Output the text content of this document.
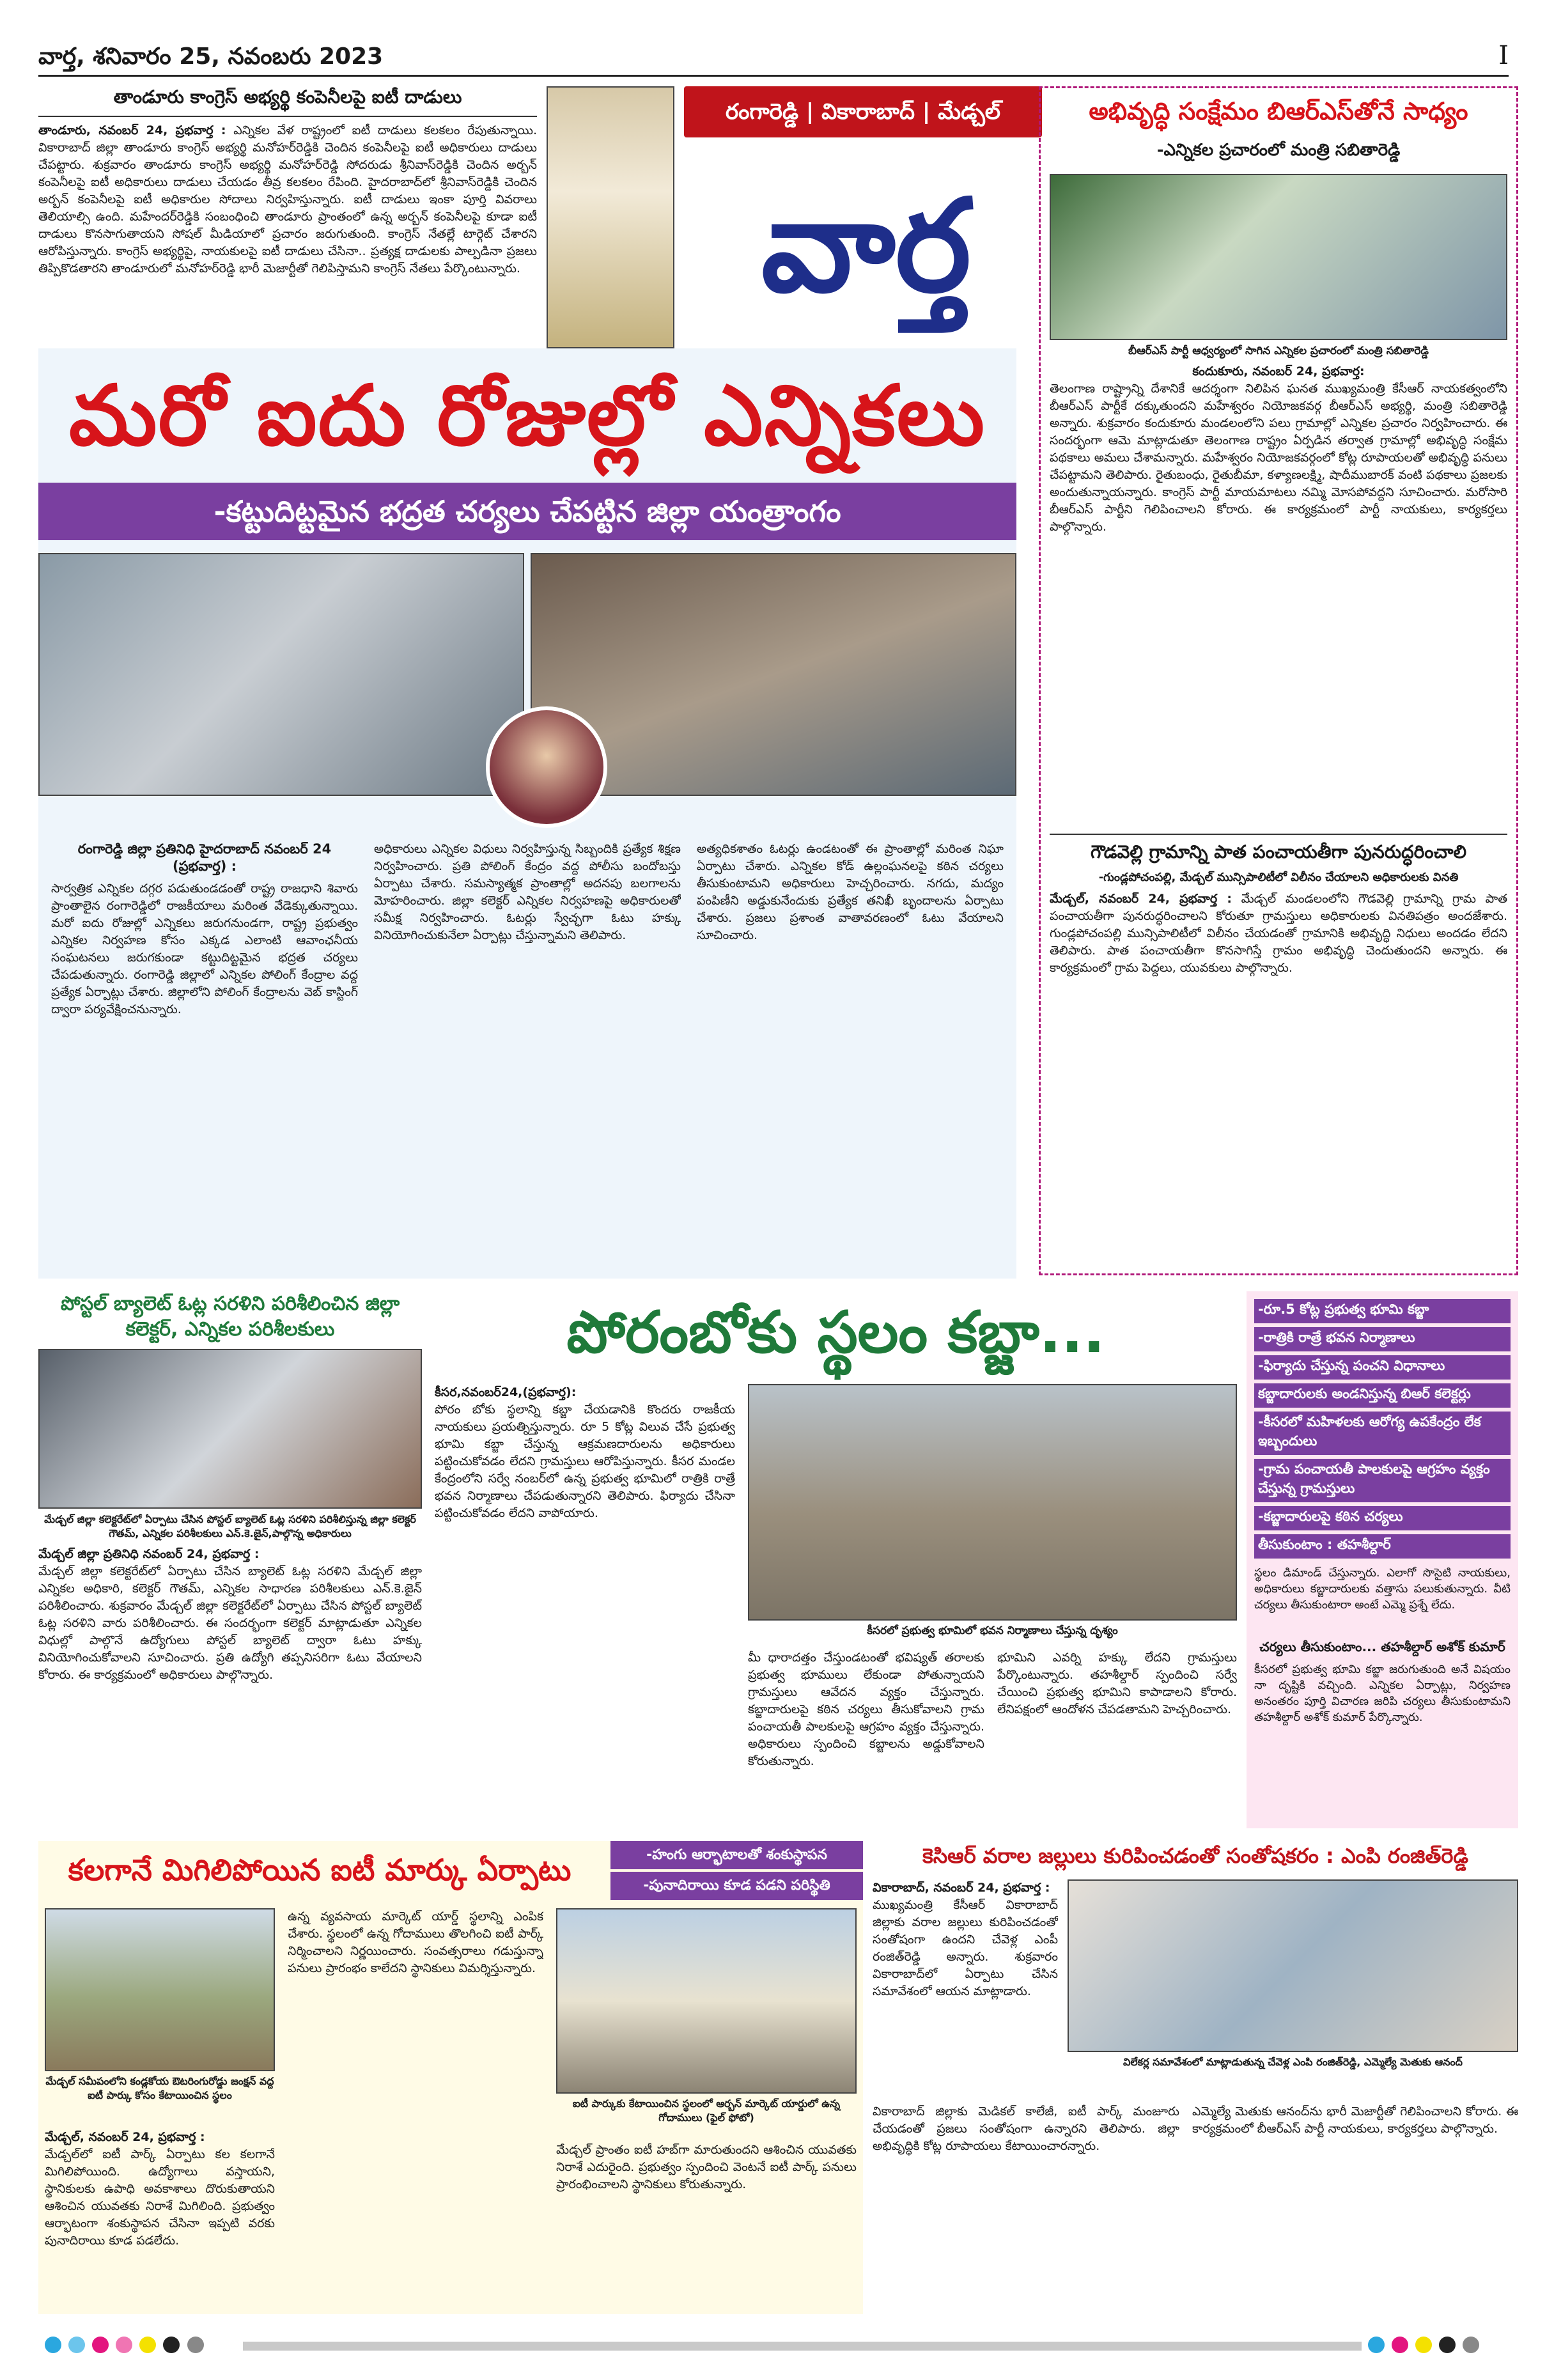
వార్త, శనివారం 25, నవంబరు 2023	I
తాండూరు కాంగ్రెస్ అభ్యర్థి కంపెనీలపై ఐటీ దాడులు
తాండూరు, నవంబర్ 24, ప్రభవార్త : ఎన్నికల వేళ రాష్ట్రంలో ఐటీ దాడులు కలకలం రేపుతున్నాయి. వికారాబాద్ జిల్లా తాండూరు కాంగ్రెస్ అభ్యర్థి మనోహర్‌రెడ్డికి చెందిన కంపెనీలపై ఐటీ అధికారులు దాడులు చేపట్టారు. శుక్రవారం తాండూరు కాంగ్రెస్ అభ్యర్థి మనోహర్‌రెడ్డి సోదరుడు శ్రీనివాస్‌రెడ్డికి చెందిన అర్బన్ కంపెనీలపై ఐటీ అధికారులు దాడులు చేయడం తీవ్ర కలకలం రేపింది. హైదరాబాద్‌లో శ్రీనివాస్‌రెడ్డికి చెందిన అర్బన్ కంపెనీలపై ఐటీ అధికారుల సోదాలు నిర్వహిస్తున్నారు. ఐటీ దాడులు ఇంకా పూర్తి వివరాలు తెలియాల్సి ఉంది. మహేందర్‌రెడ్డికి సంబంధించి తాండూరు ప్రాంతంలో ఉన్న అర్బన్ కంపెనీలపై కూడా ఐటీ దాడులు కొనసాగుతాయని సోషల్ మీడియాలో ప్రచారం జరుగుతుంది. కాంగ్రెస్ నేతల్లే టార్గెట్ చేశారని ఆరోపిస్తున్నారు. కాంగ్రెస్ అభ్యర్థిపై, నాయకులపై ఐటీ దాడులు చేసినా.. ప్రత్యక్ష దాడులకు పాల్పడినా ప్రజలు తిప్పికొడతారని తాండూరులో మనోహర్‌రెడ్డి భారీ మెజార్టీతో గెలిపిస్తామని కాంగ్రెస్ నేతలు పేర్కొంటున్నారు.
రంగారెడ్డి | వికారాబాద్ | మేడ్చల్
వార్త
మరో ఐదు రోజుల్లో ఎన్నికలు
-కట్టుదిట్టమైన భద్రత చర్యలు చేపట్టిన జిల్లా యంత్రాంగం
రంగారెడ్డి జిల్లా ప్రతినిధి హైదరాబాద్ నవంబర్ 24 (ప్రభవార్త) :
సార్వత్రిక ఎన్నికల దగ్గర పడుతుండడంతో రాష్ట్ర రాజధాని శివారు ప్రాంతాలైన రంగారెడ్డిలో రాజకీయాలు మరింత వేడెక్కుతున్నాయి. మరో ఐదు రోజుల్లో ఎన్నికలు జరుగనుండగా, రాష్ట్ర ప్రభుత్వం ఎన్నికల నిర్వహణ కోసం ఎక్కడ ఎలాంటి ఆవాంఛనీయ సంఘటనలు జరుగకుండా కట్టుదిట్టమైన భద్రత చర్యలు చేపడుతున్నారు. రంగారెడ్డి జిల్లాలో ఎన్నికల పోలింగ్ కేంద్రాల వద్ద ప్రత్యేక ఏర్పాట్లు చేశారు. జిల్లాలోని పోలింగ్ కేంద్రాలను వెబ్ కాస్టింగ్ ద్వారా పర్యవేక్షించనున్నారు.
అధికారులు ఎన్నికల విధులు నిర్వహిస్తున్న సిబ్బందికి ప్రత్యేక శిక్షణ నిర్వహించారు. ప్రతి పోలింగ్ కేంద్రం వద్ద పోలీసు బందోబస్తు ఏర్పాటు చేశారు. సమస్యాత్మక ప్రాంతాల్లో అదనపు బలగాలను మోహరించారు. జిల్లా కలెక్టర్ ఎన్నికల నిర్వహణపై అధికారులతో సమీక్ష నిర్వహించారు. ఓటర్లు స్వేచ్ఛగా ఓటు హక్కు వినియోగించుకునేలా ఏర్పాట్లు చేస్తున్నామని తెలిపారు.
అత్యధికశాతం ఓటర్లు ఉండటంతో ఈ ప్రాంతాల్లో మరింత నిఘా ఏర్పాటు చేశారు. ఎన్నికల కోడ్ ఉల్లంఘనలపై కఠిన చర్యలు తీసుకుంటామని అధికారులు హెచ్చరించారు. నగదు, మద్యం పంపిణీని అడ్డుకునేందుకు ప్రత్యేక తనిఖీ బృందాలను ఏర్పాటు చేశారు. ప్రజలు ప్రశాంత వాతావరణంలో ఓటు వేయాలని సూచించారు.
అభివృద్ధి సంక్షేమం బిఆర్ఎస్‌తోనే సాధ్యం
-ఎన్నికల ప్రచారంలో మంత్రి సబితారెడ్డి
బీఆర్ఎస్ పార్టీ ఆధ్వర్యంలో సాగిన ఎన్నికల ప్రచారంలో మంత్రి సబితారెడ్డి
కందుకూరు, నవంబర్ 24, ప్రభవార్త:
తెలంగాణ రాష్ట్రాన్ని దేశానికే ఆదర్శంగా నిలిపిన ఘనత ముఖ్యమంత్రి కేసీఆర్ నాయకత్వంలోని బీఆర్ఎస్ పార్టీకే దక్కుతుందని మహేశ్వరం నియోజకవర్గ బీఆర్ఎస్ అభ్యర్థి, మంత్రి సబితారెడ్డి అన్నారు. శుక్రవారం కందుకూరు మండలంలోని పలు గ్రామాల్లో ఎన్నికల ప్రచారం నిర్వహించారు. ఈ సందర్భంగా ఆమె మాట్లాడుతూ తెలంగాణ రాష్ట్రం ఏర్పడిన తర్వాత గ్రామాల్లో అభివృద్ధి సంక్షేమ పథకాలు అమలు చేశామన్నారు. మహేశ్వరం నియోజకవర్గంలో కోట్ల రూపాయలతో అభివృద్ధి పనులు చేపట్టామని తెలిపారు. రైతుబంధు, రైతుబీమా, కళ్యాణలక్ష్మి, షాదీముబారక్ వంటి పథకాలు ప్రజలకు అందుతున్నాయన్నారు. కాంగ్రెస్ పార్టీ మాయమాటలు నమ్మి మోసపోవద్దని సూచించారు. మరోసారి బీఆర్ఎస్ పార్టీని గెలిపించాలని కోరారు. ఈ కార్యక్రమంలో పార్టీ నాయకులు, కార్యకర్తలు పాల్గొన్నారు.
గౌడవెల్లి గ్రామాన్ని పాత పంచాయతీగా పునరుద్ధరించాలి
-గుండ్లపోచంపల్లి, మేడ్చల్ మున్సిపాలిటీలో విలీనం చేయాలని అధికారులకు వినతి
మేడ్చల్, నవంబర్ 24, ప్రభవార్త : మేడ్చల్ మండలంలోని గౌడవెల్లి గ్రామాన్ని గ్రామ పాత పంచాయతీగా పునరుద్ధరించాలని కోరుతూ గ్రామస్తులు అధికారులకు వినతిపత్రం అందజేశారు. గుండ్లపోచంపల్లి మున్సిపాలిటీలో విలీనం చేయడంతో గ్రామానికి అభివృద్ధి నిధులు అందడం లేదని తెలిపారు. పాత పంచాయతీగా కొనసాగిస్తే గ్రామం అభివృద్ధి చెందుతుందని అన్నారు. ఈ కార్యక్రమంలో గ్రామ పెద్దలు, యువకులు పాల్గొన్నారు.
పోస్టల్ బ్యాలెట్ ఓట్ల సరళిని పరిశీలించిన జిల్లా కలెక్టర్, ఎన్నికల పరిశీలకులు
మేడ్చల్ జిల్లా కలెక్టరేట్‌లో ఏర్పాటు చేసిన పోస్టల్ బ్యాలెట్ ఓట్ల సరళిని పరిశీలిస్తున్న జిల్లా కలెక్టర్ గౌతమ్, ఎన్నికల పరిశీలకులు ఎన్.కె.జైన్,పాల్గొన్న అధికారులు
మేడ్చల్ జిల్లా ప్రతినిధి నవంబర్ 24, ప్రభవార్త :
మేడ్చల్ జిల్లా కలెక్టరేట్‌లో ఏర్పాటు చేసిన బ్యాలెట్ ఓట్ల సరళిని మేడ్చల్ జిల్లా ఎన్నికల అధికారి, కలెక్టర్ గౌతమ్, ఎన్నికల సాధారణ పరిశీలకులు ఎన్.కె.జైన్ పరిశీలించారు. శుక్రవారం మేడ్చల్ జిల్లా కలెక్టరేట్‌లో ఏర్పాటు చేసిన పోస్టల్ బ్యాలెట్ ఓట్ల సరళిని వారు పరిశీలించారు. ఈ సందర్భంగా కలెక్టర్ మాట్లాడుతూ ఎన్నికల విధుల్లో పాల్గొనే ఉద్యోగులు పోస్టల్ బ్యాలెట్ ద్వారా ఓటు హక్కు వినియోగించుకోవాలని సూచించారు. ప్రతి ఉద్యోగి తప్పనిసరిగా ఓటు వేయాలని కోరారు. ఈ కార్యక్రమంలో అధికారులు పాల్గొన్నారు.
పోరంబోకు స్థలం కబ్జా...
కీసర,నవంబర్24,(ప్రభవార్త):
పోరం బోకు స్థలాన్ని కబ్జా చేయడానికి కొందరు రాజకీయ నాయకులు ప్రయత్నిస్తున్నారు. రూ 5 కోట్ల విలువ చేసే ప్రభుత్వ భూమి కబ్జా చేస్తున్న ఆక్రమణదారులను అధికారులు పట్టించుకోవడం లేదని గ్రామస్తులు ఆరోపిస్తున్నారు. కీసర మండల కేంద్రంలోని సర్వే నంబర్‌లో ఉన్న ప్రభుత్వ భూమిలో రాత్రికి రాత్రే భవన నిర్మాణాలు చేపడుతున్నారని తెలిపారు. ఫిర్యాదు చేసినా పట్టించుకోవడం లేదని వాపోయారు.
కీసరలో ప్రభుత్వ భూమిలో భవన నిర్మాణాలు చేస్తున్న దృశ్యం
మీ ధారాదత్తం చేస్తుండటంతో భవిష్యత్ తరాలకు ప్రభుత్వ భూములు లేకుండా పోతున్నాయని గ్రామస్తులు ఆవేదన వ్యక్తం చేస్తున్నారు. కబ్జాదారులపై కఠిన చర్యలు తీసుకోవాలని గ్రామ పంచాయతీ పాలకులపై ఆగ్రహం వ్యక్తం చేస్తున్నారు. అధికారులు స్పందించి కబ్జాలను అడ్డుకోవాలని కోరుతున్నారు.
భూమిని ఎవర్ని హక్కు లేదని గ్రామస్తులు పేర్కొంటున్నారు. తహశీల్దార్ స్పందించి సర్వే చేయించి ప్రభుత్వ భూమిని కాపాడాలని కోరారు. లేనిపక్షంలో ఆందోళన చేపడతామని హెచ్చరించారు.
-రూ.5 కోట్ల ప్రభుత్వ భూమి కబ్జా
-రాత్రికి రాత్రే భవన నిర్మాణాలు
-ఫిర్యాదు చేస్తున్న పంచని విధానాలు
కబ్జాదారులకు అండనిస్తున్న బిఆర్ కలెక్టర్లు
-కీసరలో మహిళలకు ఆరోగ్య ఉపకేంద్రం లేక ఇబ్బందులు
-గ్రామ పంచాయతీ పాలకులపై ఆగ్రహం వ్యక్తం చేస్తున్న గ్రామస్తులు
-కబ్జాదారులపై కఠిన చర్యలు
తీసుకుంటాం : తహశీల్దార్
స్థలం డిమాండ్ చేస్తున్నారు. ఎలాగో సొసైటి నాయకులు, అధికారులు కబ్జాదారులకు వత్తాసు పలుకుతున్నారు. వీటి చర్యలు తీసుకుంటారా అంటే ఎమ్మె ప్రశ్నే లేదు.
చర్యలు తీసుకుంటాం... తహశీల్దార్ అశోక్ కుమార్
కీసరలో ప్రభుత్వ భూమి కబ్జా జరుగుతుంది అనే విషయం నా దృష్టికి వచ్చింది. ఎన్నికల ఏర్పాట్లు, నిర్వహణ అనంతరం పూర్తి విచారణ జరిపి చర్యలు తీసుకుంటామని తహశీల్దార్ అశోక్ కుమార్ పేర్కొన్నారు.
కలగానే మిగిలిపోయిన ఐటీ మార్కు ఏర్పాటు	-హంగు ఆర్భాటాలతో శంకుస్థాపన
-పునాదిరాయి కూడ పడని పరిస్థితి
మేడ్చల్ సమీపంలోని కండ్లకోయ ఔటరింగురోడ్డు జంక్షన్ వద్ద ఐటీ పార్కు కోసం కేటాయించిన స్థలం
మేడ్చల్, నవంబర్ 24, ప్రభవార్త :
మేడ్చల్‌లో ఐటీ పార్క్ ఏర్పాటు కల కలగానే మిగిలిపోయింది. ఉద్యోగాలు వస్తాయని, స్థానికులకు ఉపాధి అవకాశాలు దొరుకుతాయని ఆశించిన యువతకు నిరాశే మిగిలింది. ప్రభుత్వం ఆర్భాటంగా శంకుస్థాపన చేసినా ఇప్పటి వరకు పునాదిరాయి కూడ పడలేదు.
ఉన్న వ్యవసాయ మార్కెట్ యార్డ్ స్థలాన్ని ఎంపిక చేశారు. స్థలంలో ఉన్న గోదాములు తొలగించి ఐటీ పార్క్ నిర్మించాలని నిర్ణయించారు. సంవత్సరాలు గడుస్తున్నా పనులు ప్రారంభం కాలేదని స్థానికులు విమర్శిస్తున్నారు.
ఐటీ పార్కుకు కేటాయించిన స్థలంలో ఆర్బన్ మార్కెట్ యార్డులో ఉన్న గోదాములు (ఫైల్ ఫోటో)
మేడ్చల్ ప్రాంతం ఐటీ హబ్‌గా మారుతుందని ఆశించిన యువతకు నిరాశే ఎదురైంది. ప్రభుత్వం స్పందించి వెంటనే ఐటీ పార్క్ పనులు ప్రారంభించాలని స్థానికులు కోరుతున్నారు.
కెసిఆర్ వరాల జల్లులు కురిపించడంతో సంతోషకరం : ఎంపి రంజిత్‌రెడ్డి
వికారాబాద్, నవంబర్ 24, ప్రభవార్త :
ముఖ్యమంత్రి కేసీఆర్ వికారాబాద్ జిల్లాకు వరాల జల్లులు కురిపించడంతో సంతోషంగా ఉందని చేవెళ్ల ఎంపీ రంజిత్‌రెడ్డి అన్నారు. శుక్రవారం వికారాబాద్‌లో ఏర్పాటు చేసిన సమావేశంలో ఆయన మాట్లాడారు.
విలేకర్ల సమావేశంలో మాట్లాడుతున్న చేవెళ్ల ఎంపి రంజిత్‌రెడ్డి, ఎమ్మెల్యే మెతుకు ఆనంద్
వికారాబాద్ జిల్లాకు మెడికల్ కాలేజీ, ఐటీ పార్క్ మంజూరు చేయడంతో ప్రజలు సంతోషంగా ఉన్నారని తెలిపారు. జిల్లా అభివృద్ధికి కోట్ల రూపాయలు కేటాయించారన్నారు.
ఎమ్మెల్యే మెతుకు ఆనంద్‌ను భారీ మెజార్టీతో గెలిపించాలని కోరారు. ఈ కార్యక్రమంలో బీఆర్ఎస్ పార్టీ నాయకులు, కార్యకర్తలు పాల్గొన్నారు.
